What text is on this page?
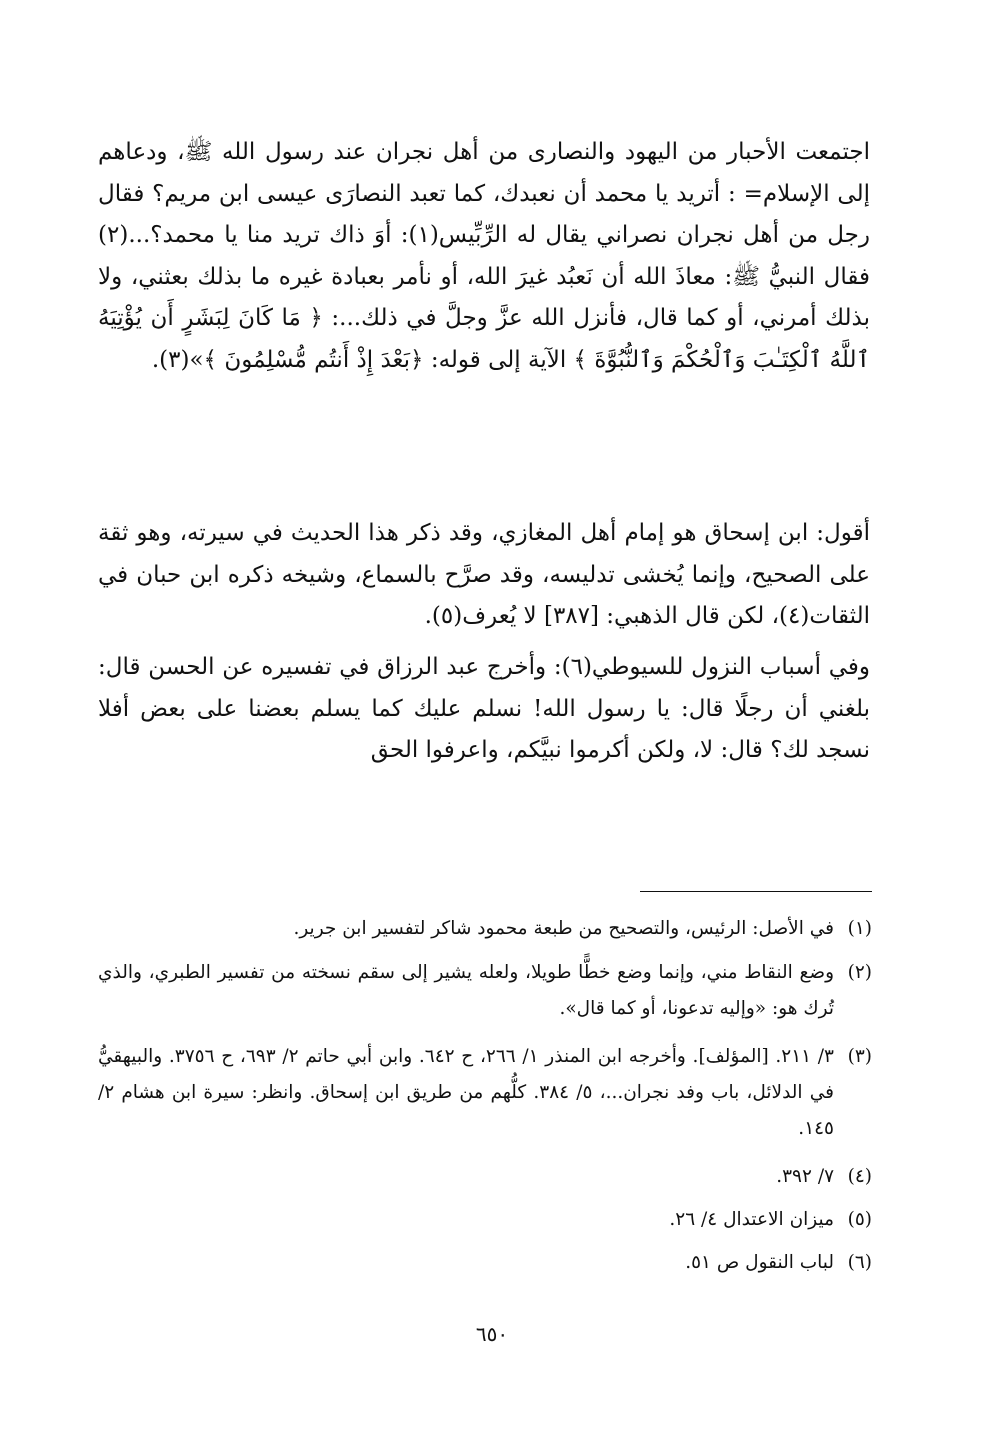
اجتمعت الأحبار من اليهود والنصارى من أهل نجران عند رسول الله ﷺ، ودعاهم إلى الإسلام= : أتريد يا محمد أن نعبدك، كما تعبد النصارَى عيسى ابن مريم؟ فقال رجل من أهل نجران نصراني يقال له الرِّبِّيس(١): أوَ ذاك تريد منا يا محمد؟...(٢) فقال النبيُّ ﷺ: معاذَ الله أن نَعبُد غيرَ الله، أو نأمر بعبادة غيره ما بذلك بعثني، ولا بذلك أمرني، أو كما قال، فأنزل الله عزَّ وجلَّ في ذلك...: ﴿ مَا كَانَ لِبَشَرٍ أَن يُؤْتِيَهُ ٱللَّهُ ٱلْكِتَـٰبَ وَٱلْحُكْمَ وَٱلنُّبُوَّةَ ﴾ الآية إلى قوله: ﴿بَعْدَ إِذْ أَنتُم مُّسْلِمُونَ ﴾»(٣).

أقول: ابن إسحاق هو إمام أهل المغازي، وقد ذكر هذا الحديث في سيرته، وهو ثقة على الصحيح، وإنما يُخشى تدليسه، وقد صرَّح بالسماع، وشيخه ذكره ابن حبان في الثقات(٤)، لكن قال الذهبي: [٣٨٧] لا يُعرف(٥).

وفي أسباب النزول للسيوطي(٦): وأخرج عبد الرزاق في تفسيره عن الحسن قال: بلغني أن رجلًا قال: يا رسول الله! نسلم عليك كما يسلم بعضنا على بعض أفلا نسجد لك؟ قال: لا، ولكن أكرموا نبيَّكم، واعرفوا الحق

(١)
في الأصل: الرئيس، والتصحيح من طبعة محمود شاكر لتفسير ابن جرير.
(٢)
وضع النقاط مني، وإنما وضع خطًّا طويلا، ولعله يشير إلى سقم نسخته من تفسير الطبري، والذي تُرك هو: «وإليه تدعونا، أو كما قال».
(٣)
٣/ ٢١١. [المؤلف]. وأخرجه ابن المنذر ١/ ٢٦٦، ح ٦٤٢. وابن أبي حاتم ٢/ ٦٩٣، ح ٣٧٥٦. والبيهقيُّ في الدلائل، باب وفد نجران...، ٥/ ٣٨٤. كلُّهم من طريق ابن إسحاق. وانظر: سيرة ابن هشام ٢/ ١٤٥.
(٤)
٧/ ٣٩٢.
(٥)
ميزان الاعتدال ٤/ ٢٦.
(٦)
لباب النقول ص ٥١.
٦٥٠
